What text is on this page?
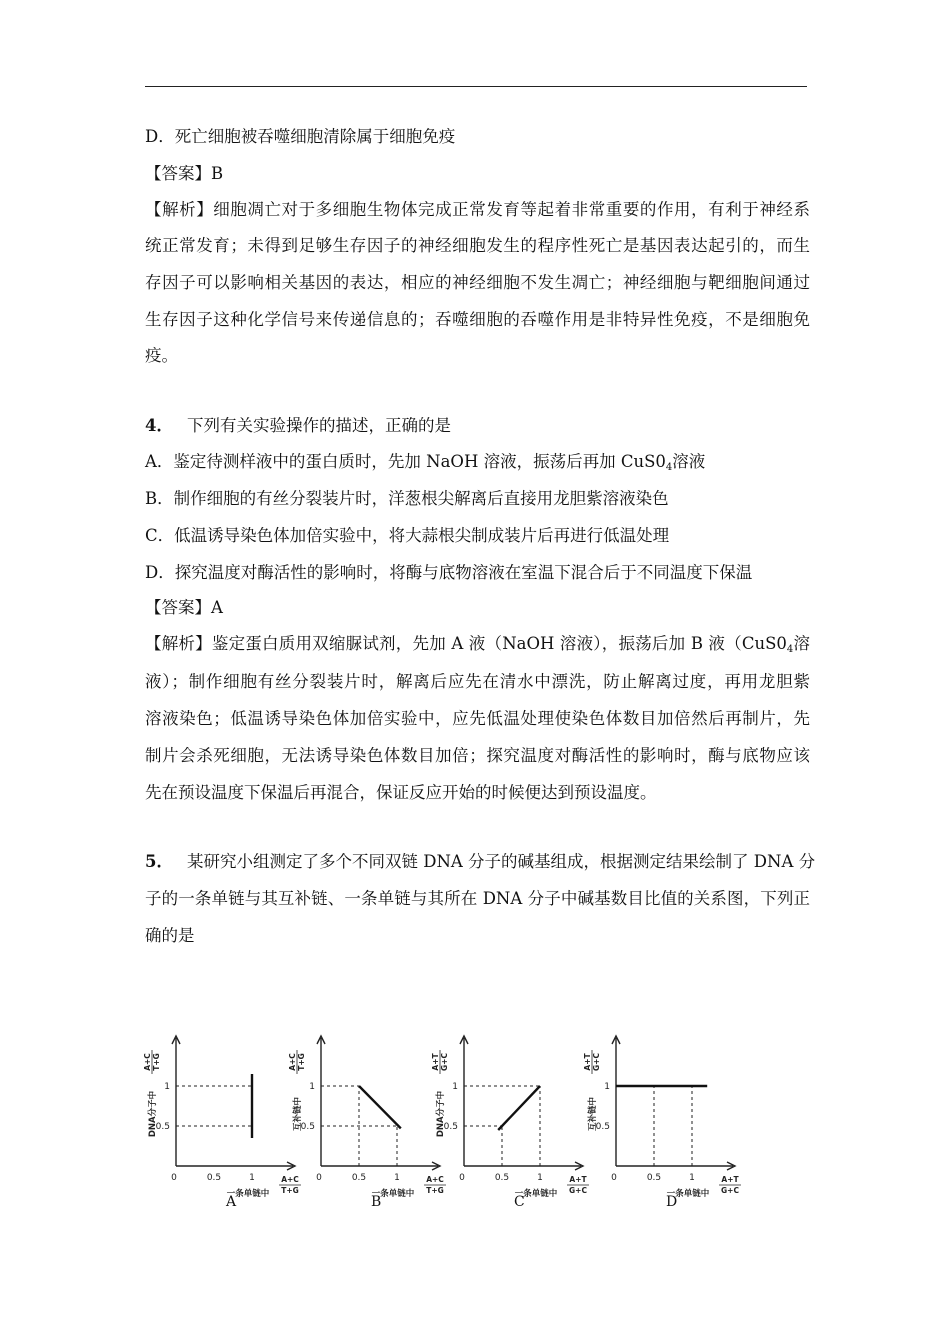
D．死亡细胞被吞噬细胞清除属于细胞免疫
【答案】B
【解析】细胞凋亡对于多细胞生物体完成正常发育等起着非常重要的作用，有利于神经系
统正常发育；未得到足够生存因子的神经细胞发生的程序性死亡是基因表达起引的，而生
存因子可以影响相关基因的表达，相应的神经细胞不发生凋亡；神经细胞与靶细胞间通过
生存因子这种化学信号来传递信息的；吞噬细胞的吞噬作用是非特异性免疫，不是细胞免
疫。
4． 下列有关实验操作的描述，正确的是
A．鉴定待测样液中的蛋白质时，先加 NaOH 溶液，振荡后再加 $CuS0_4$溶液
B．制作细胞的有丝分裂装片时，洋葱根尖解离后直接用龙胆紫溶液染色
C．低温诱导染色体加倍实验中，将大蒜根尖制成装片后再进行低温处理
D．探究温度对酶活性的影响时，将酶与底物溶液在室温下混合后于不同温度下保温
【答案】A
【解析】鉴定蛋白质用双缩脲试剂，先加 A 液（NaOH 溶液），振荡后加 B 液（$CuS0_4$溶
液）；制作细胞有丝分裂装片时，解离后应先在清水中漂洗，防止解离过度，再用龙胆紫
溶液染色；低温诱导染色体加倍实验中，应先低温处理使染色体数目加倍然后再制片，先
制片会杀死细胞，无法诱导染色体数目加倍；探究温度对酶活性的影响时，酶与底物应该
先在预设温度下保温后再混合，保证反应开始的时候便达到预设温度。
5． 某研究小组测定了多个不同双链 DNA 分子的碱基组成，根据测定结果绘制了 DNA 分
子的一条单链与其互补链、一条单链与其所在 DNA 分子中碱基数目比值的关系图，下列正
确的是
0	0.5	1
1
0.5
DNA分子中
A+C T+G
一条单链中
A+C
T+G
A
0	0.5	1
1
0.5
互补链中
A+C T+G
一条单链中
A+C
T+G
B
0	0.5	1
1
0.5
DNA分子中
A+T G+C
一条单链中
A+T
G+C
C
0	0.5	1
1
0.5
互补链中
A+T G+C
一条单链中
A+T
G+C
D
